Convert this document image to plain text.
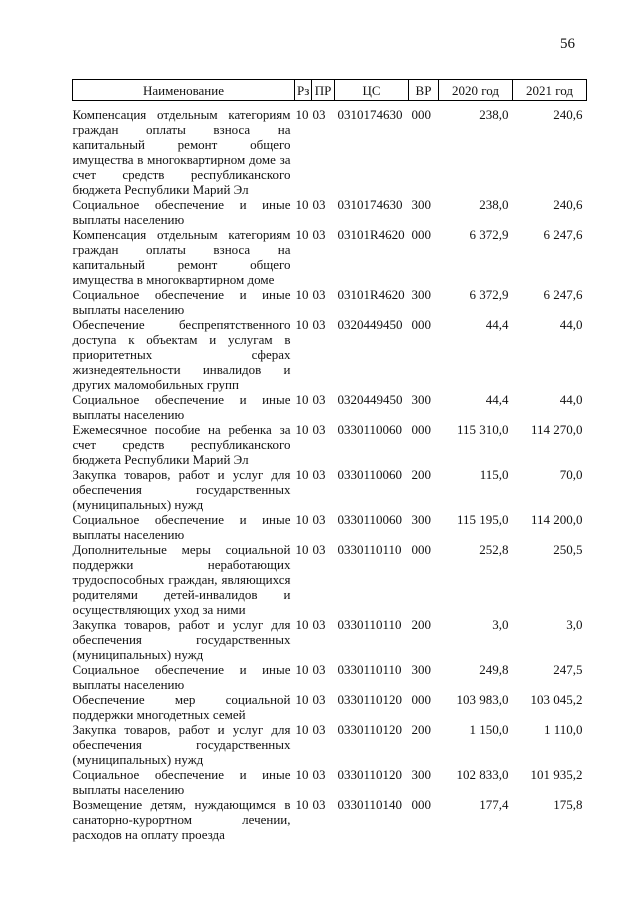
56
Наименование	Рз	ПР	ЦС	ВР	2020 год	2021 год

Компенсация отдельным категориям граждан оплаты взноса на капитальный ремонт общего имущества в многоквартирном доме за счет средств республиканского бюджета Республики Марий Эл	10	03	0310174630	000	238,0	240,6
Социальное обеспечение и иные выплаты населению	10	03	0310174630	300	238,0	240,6
Компенсация отдельным категориям граждан оплаты взноса на капитальный ремонт общего имущества в многоквартирном доме	10	03	03101R4620	000	6 372,9	6 247,6
Социальное обеспечение и иные выплаты населению	10	03	03101R4620	300	6 372,9	6 247,6
Обеспечение беспрепятственного доступа к объектам и услугам в приоритетных сферах жизнедеятельности инвалидов и других маломобильных групп	10	03	0320449450	000	44,4	44,0
Социальное обеспечение и иные выплаты населению	10	03	0320449450	300	44,4	44,0
Ежемесячное пособие на ребенка за счет средств республиканского бюджета Республики Марий Эл	10	03	0330110060	000	115 310,0	114 270,0
Закупка товаров, работ и услуг для обеспечения государственных (муниципальных) нужд	10	03	0330110060	200	115,0	70,0
Социальное обеспечение и иные выплаты населению	10	03	0330110060	300	115 195,0	114 200,0
Дополнительные меры социальной поддержки неработающих трудоспособных граждан, являющихся родителями детей-инвалидов и осуществляющих уход за ними	10	03	0330110110	000	252,8	250,5
Закупка товаров, работ и услуг для обеспечения государственных (муниципальных) нужд	10	03	0330110110	200	3,0	3,0
Социальное обеспечение и иные выплаты населению	10	03	0330110110	300	249,8	247,5
Обеспечение мер социальной поддержки многодетных семей	10	03	0330110120	000	103 983,0	103 045,2
Закупка товаров, работ и услуг для обеспечения государственных (муниципальных) нужд	10	03	0330110120	200	1 150,0	1 110,0
Социальное обеспечение и иные выплаты населению	10	03	0330110120	300	102 833,0	101 935,2
Возмещение детям, нуждающимся в санаторно-курортном лечении, расходов на оплату проезда	10	03	0330110140	000	177,4	175,8
